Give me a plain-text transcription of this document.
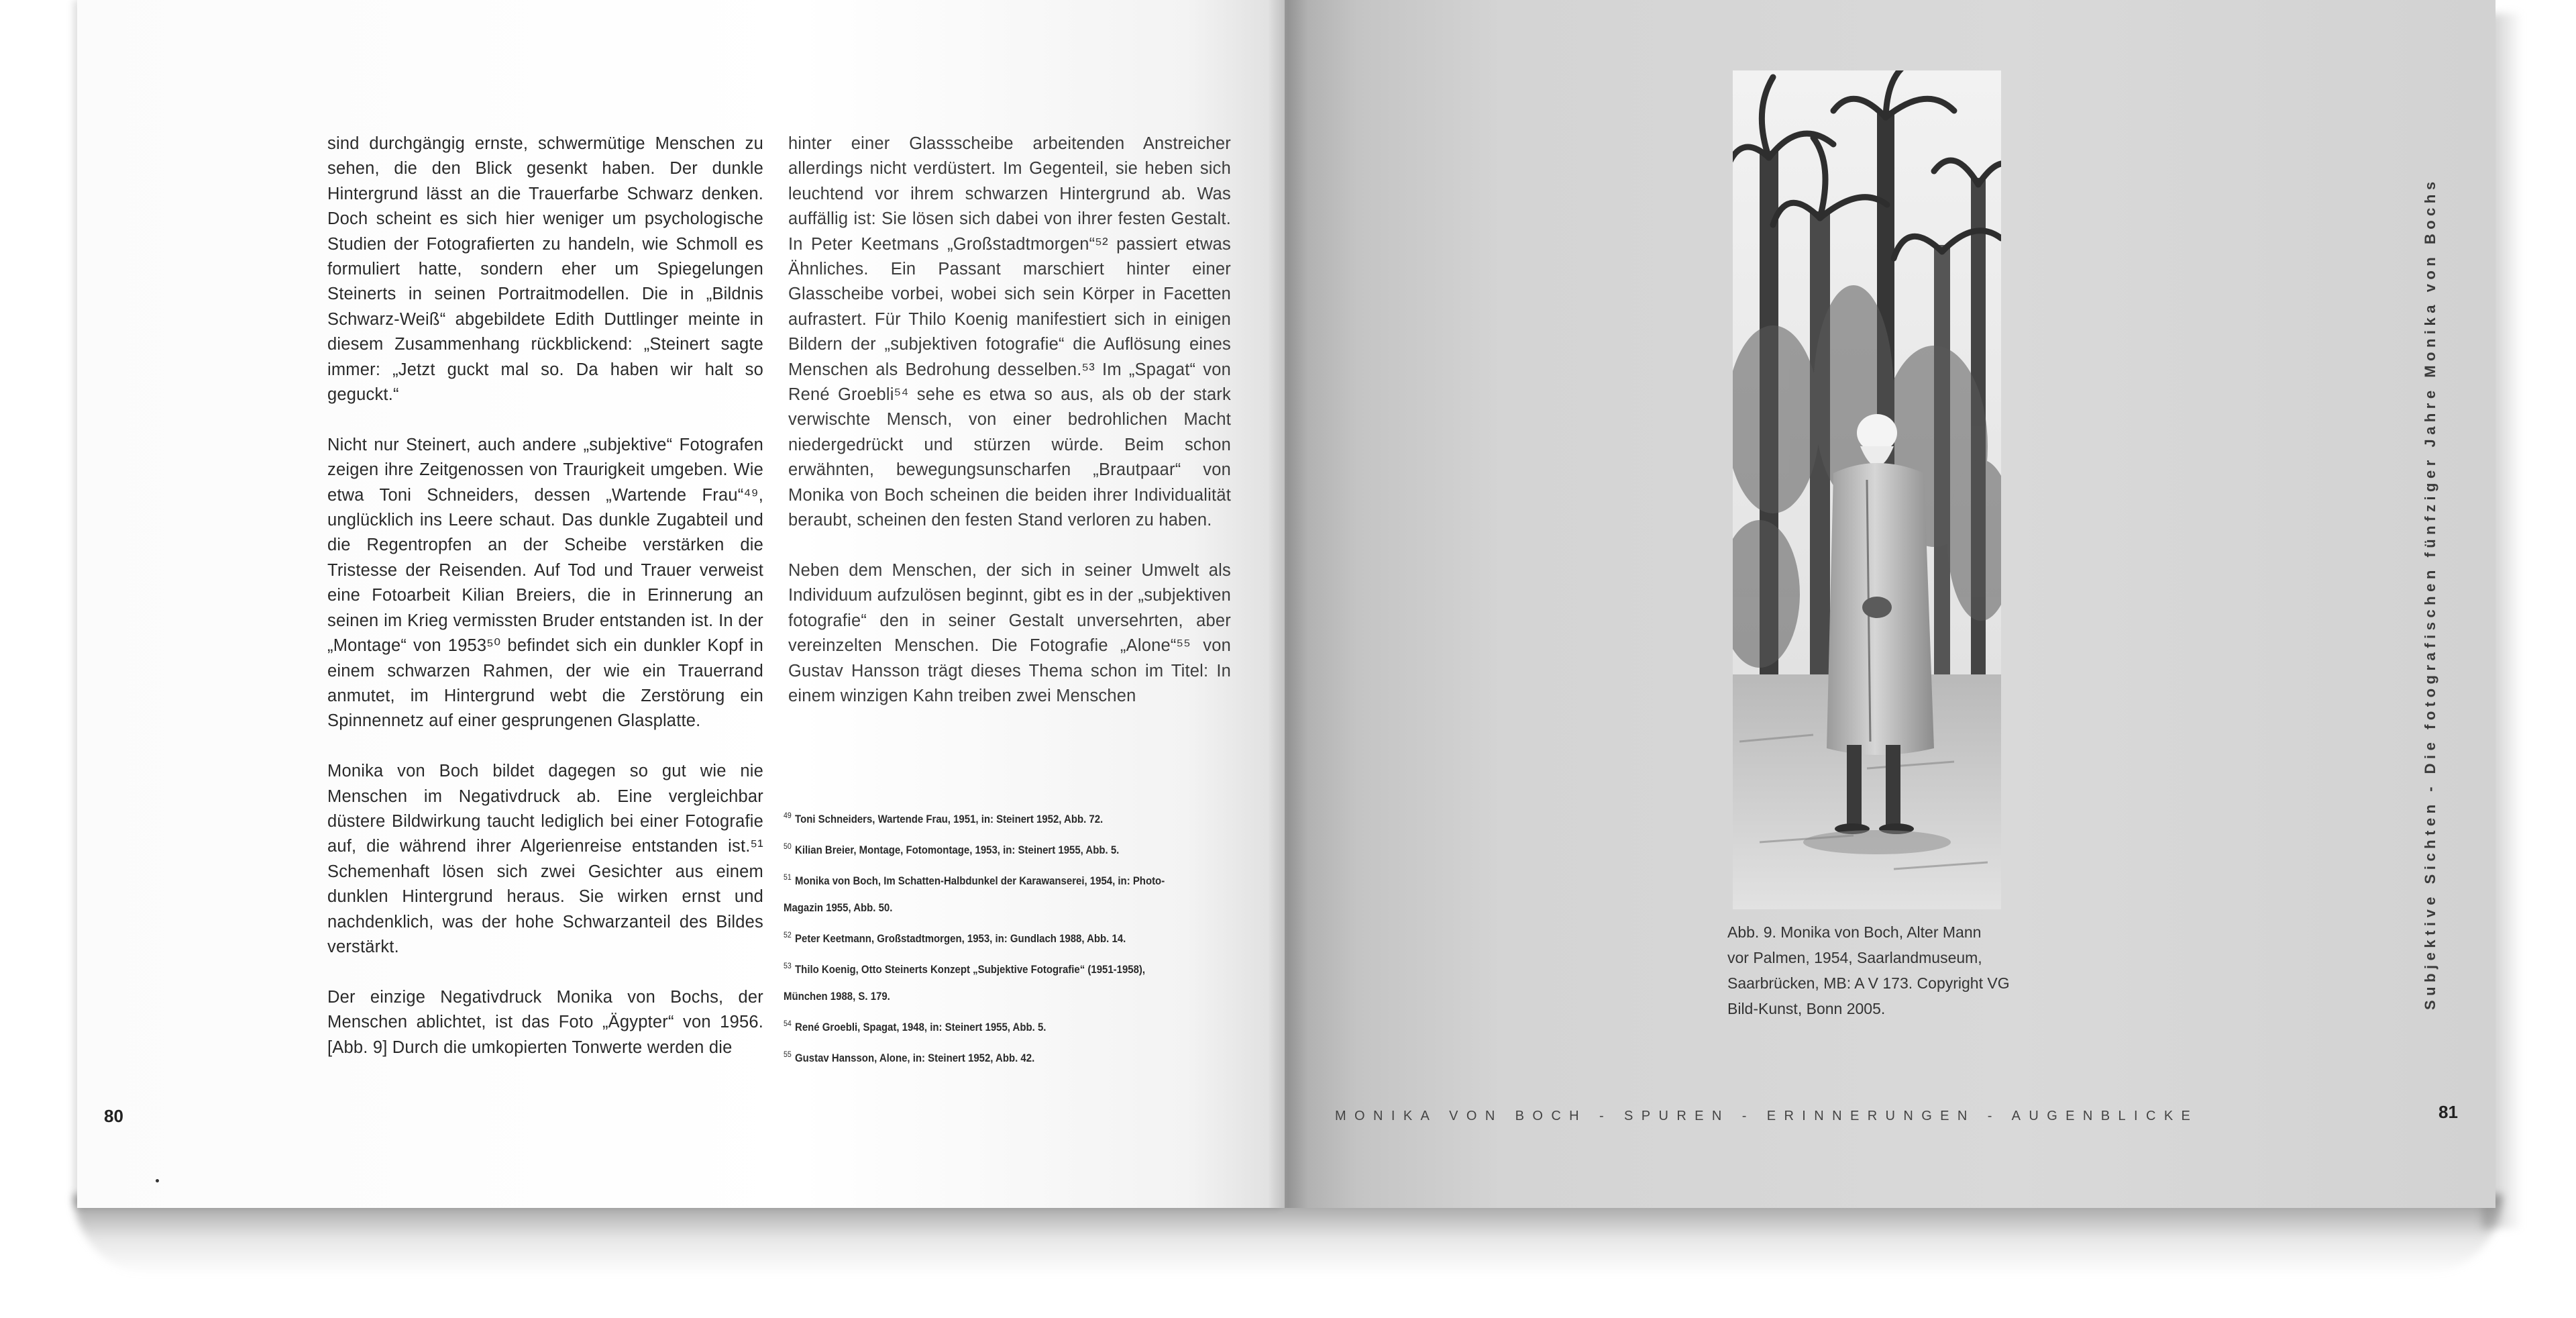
sind durchgängig ernste, schwermütige Menschen zu sehen, die den Blick gesenkt haben. Der dunkle Hintergrund lässt an die Trauerfarbe Schwarz denken. Doch scheint es sich hier weniger um psychologische Studien der Fotografierten zu handeln, wie Schmoll es formuliert hatte, sondern eher um Spiegelungen Steinerts in seinen Portraitmodellen. Die in „Bildnis Schwarz-Weiß“ abgebildete Edith Duttlinger meinte in diesem Zusammenhang rückblickend: „Steinert sagte immer: „Jetzt guckt mal so. Da haben wir halt so geguckt.“

Nicht nur Steinert, auch andere „subjektive“ Fotografen zeigen ihre Zeitgenossen von Traurigkeit umgeben. Wie etwa Toni Schneiders, dessen „Wartende Frau“⁴⁹, unglücklich ins Leere schaut. Das dunkle Zugabteil und die Regentropfen an der Scheibe verstärken die Tristesse der Reisenden. Auf Tod und Trauer verweist eine Fotoarbeit Kilian Breiers, die in Erinnerung an seinen im Krieg vermissten Bruder entstanden ist. In der „Montage“ von 1953⁵⁰ befindet sich ein dunkler Kopf in einem schwarzen Rahmen, der wie ein Trauerrand anmutet, im Hintergrund webt die Zerstörung ein Spinnennetz auf einer gesprungenen Glasplatte.

Monika von Boch bildet dagegen so gut wie nie Menschen im Negativdruck ab. Eine vergleichbar düstere Bildwirkung taucht lediglich bei einer Fotografie auf, die während ihrer Algerienreise entstanden ist.⁵¹ Schemenhaft lösen sich zwei Gesichter aus einem dunklen Hintergrund heraus. Sie wirken ernst und nachdenklich, was der hohe Schwarzanteil des Bildes verstärkt.

Der einzige Negativdruck Monika von Bochs, der Menschen ablichtet, ist das Foto „Ägypter“ von 1956. [Abb. 9] Durch die umkopierten Tonwerte werden die

hinter einer Glassscheibe arbeitenden Anstreicher allerdings nicht verdüstert. Im Gegenteil, sie heben sich leuchtend vor ihrem schwarzen Hintergrund ab. Was auffällig ist: Sie lösen sich dabei von ihrer festen Gestalt. In Peter Keetmans „Großstadtmorgen“⁵² passiert etwas Ähnliches. Ein Passant marschiert hinter einer Glasscheibe vorbei, wobei sich sein Körper in Facetten aufrastert. Für Thilo Koenig manifestiert sich in einigen Bildern der „subjektiven fotografie“ die Auflösung eines Menschen als Bedrohung desselben.⁵³ Im „Spagat“ von René Groebli⁵⁴ sehe es etwa so aus, als ob der stark verwischte Mensch, von einer bedrohlichen Macht niedergedrückt und stürzen würde. Beim schon erwähnten, bewegungsunscharfen „Brautpaar“ von Monika von Boch scheinen die beiden ihrer Individualität beraubt, scheinen den festen Stand verloren zu haben.

Neben dem Menschen, der sich in seiner Umwelt als Individuum aufzulösen beginnt, gibt es in der „subjektiven fotografie“ den in seiner Gestalt unversehrten, aber vereinzelten Menschen. Die Fotografie „Alone“⁵⁵ von Gustav Hansson trägt dieses Thema schon im Titel: In einem winzigen Kahn treiben zwei Menschen

$^{49}$ Toni Schneiders, Wartende Frau, 1951, in: Steinert 1952, Abb. 72.
$^{50}$ Kilian Breier, Montage, Fotomontage, 1953, in: Steinert 1955, Abb. 5.
$^{51}$ Monika von Boch, Im Schatten-Halbdunkel der Karawanserei, 1954, in: Photo-
Magazin 1955, Abb. 50.
$^{52}$ Peter Keetmann, Großstadtmorgen, 1953, in: Gundlach 1988, Abb. 14.
$^{53}$ Thilo Koenig, Otto Steinerts Konzept „Subjektive Fotografie“ (1951-1958),
München 1988, S. 179.
$^{54}$ René Groebli, Spagat, 1948, in: Steinert 1955, Abb. 5.
$^{55}$ Gustav Hansson, Alone, in: Steinert 1952, Abb. 42.
80
Abb. 9. Monika von Boch, Alter Mann
vor Palmen, 1954, Saarlandmuseum,
Saarbrücken, MB: A V 173. Copyright VG
Bild-Kunst, Bonn 2005.	Subjektive Sichten - Die fotografischen fünfziger Jahre Monika von Bochs
MONIKA VON BOCH - SPUREN - ERINNERUNGEN - AUGENBLICKE	81
